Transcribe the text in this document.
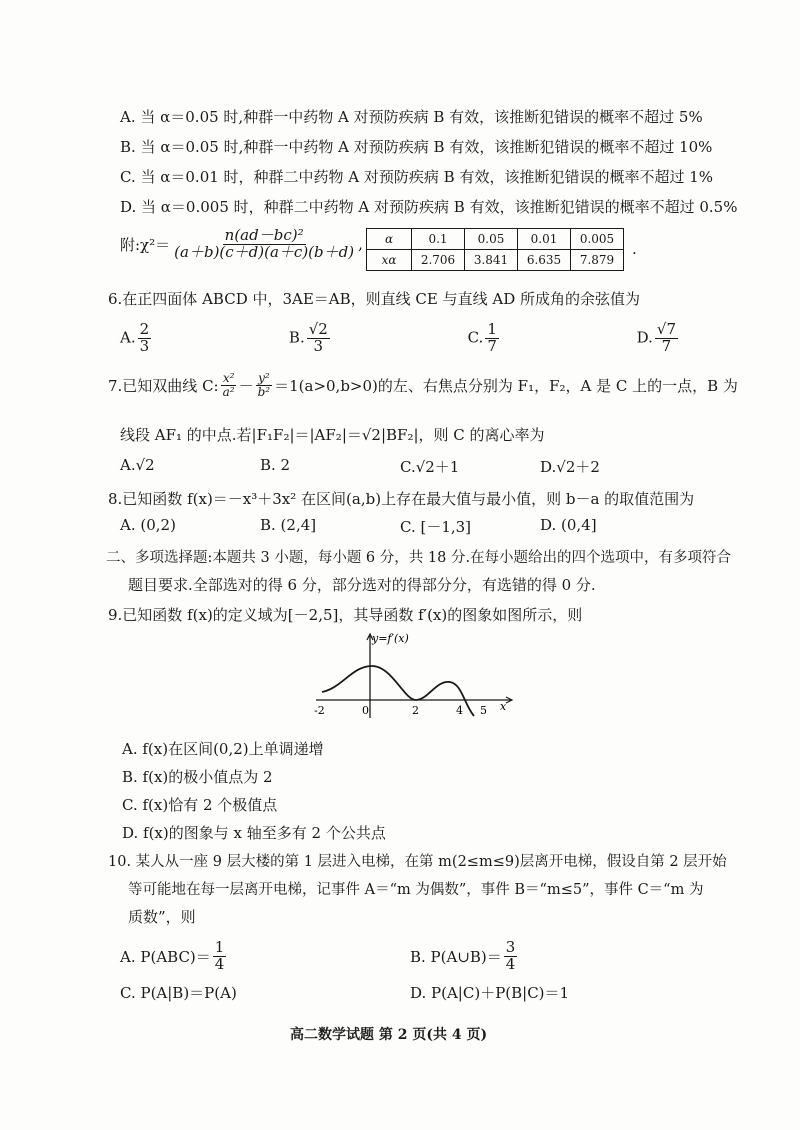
A. 当 α＝0.05 时,种群一中药物 A 对预防疾病 B 有效，该推断犯错误的概率不超过 5%
B. 当 α＝0.05 时,种群一中药物 A 对预防疾病 B 有效，该推断犯错误的概率不超过 10%
C. 当 α＝0.01 时，种群二中药物 A 对预防疾病 B 有效，该推断犯错误的概率不超过 1%
D. 当 α＝0.005 时，种群二中药物 A 对预防疾病 B 有效，该推断犯错误的概率不超过 0.5%
附:χ²＝ $\frac{\text{n(ad－bc)²}}{(a+b)(c+d)(a+c)(b+d)}$ , α	0.1	0.05	0.01	0.005
xα	2.706	3.841	6.635	7.879
.
6.在正四面体 ABCD 中，3AE＝AB，则直线 CE 与直线 AD 所成角的余弦值为
A. $\frac{2}{3}$	B. $\frac{√2}{3}$	C. $\frac{1}{7}$	D. $\frac{√7}{7}$
7.已知双曲线 C: $\frac{\text{x²}}{\text{a²}} - \frac{\text{y²}}{\text{b²}} =1(a>0,b>0)$的左、右焦点分别为 F₁，F₂，A 是 C 上的一点，B 为
线段 AF₁ 的中点.若|F₁F₂|＝|AF₂|＝√2|BF₂|，则 C 的离心率为
A.√2	B. 2	C.√2＋1	D.√2＋2
8.已知函数 f(x)＝－x³＋3x² 在区间(a,b)上存在最大值与最小值，则 b－a 的取值范围为
A. (0,2)	B. (2,4]	C. [－1,3]	D. (0,4]
二、多项选择题:本题共 3 小题，每小题 6 分，共 18 分.在每小题给出的四个选项中，有多项符合
题目要求.全部选对的得 6 分，部分选对的得部分分，有选错的得 0 分.
9.已知函数 f(x)的定义域为[－2,5]，其导函数 f′(x)的图象如图所示，则
y=f′(x)
-2	0	2	4 5 x
A. f(x)在区间(0,2)上单调递增
B. f(x)的极小值点为 2
C. f(x)恰有 2 个极值点
D. f(x)的图象与 x 轴至多有 2 个公共点
10. 某人从一座 9 层大楼的第 1 层进入电梯，在第 m(2≤m≤9)层离开电梯，假设自第 2 层开始
等可能地在每一层离开电梯，记事件 A＝“m 为偶数”，事件 B＝“m≤5”，事件 C＝“m 为
质数”，则
A. $P(ABC)= \frac{1}{4}$	B. P(A∪B)＝ $\frac{3}{4}$
C. P(A|B)＝P(A)	D. P(A|C)＋P(B|C)＝1
高二数学试题 第 2 页(共 4 页)
